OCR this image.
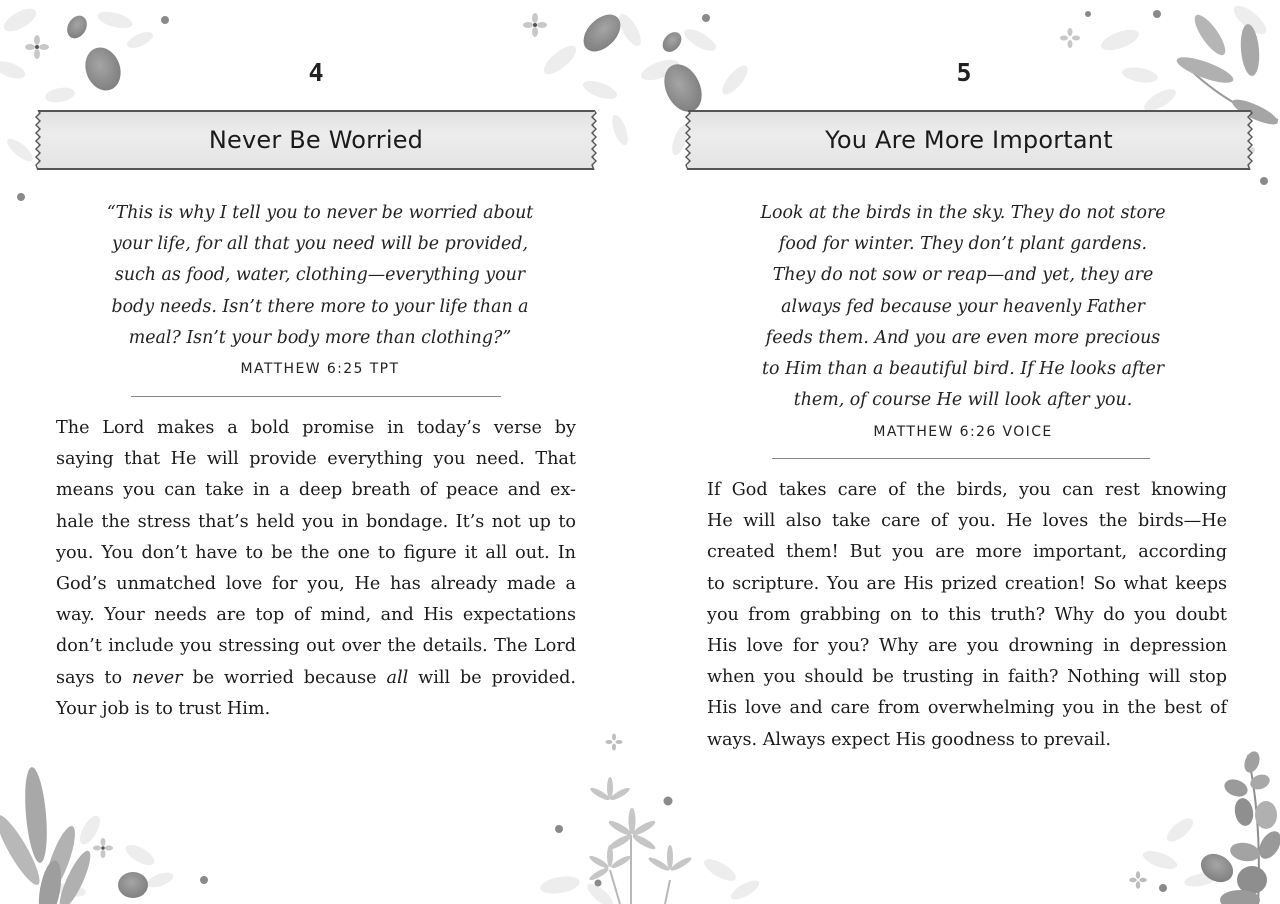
4
Never Be Worried

“This is why I tell you to never be worried about

your life, for all that you need will be provided,

such as food, water, clothing—everything your

body needs. Isn’t there more to your life than a

meal? Isn’t your body more than clothing?”

MATTHEW 6:25 TPT

The Lord makes a bold promise in today’s verse by

saying that He will provide everything you need. That

means you can take in a deep breath of peace and ex-

hale the stress that’s held you in bondage. It’s not up to

you. You don’t have to be the one to figure it all out. In

God’s unmatched love for you, He has already made a

way. Your needs are top of mind, and His expectations

don’t include you stressing out over the details. The Lord

says to never be worried because all will be provided.

Your job is to trust Him.

5
You Are More Important

Look at the birds in the sky. They do not store

food for winter. They don’t plant gardens.

They do not sow or reap—and yet, they are

always fed because your heavenly Father

feeds them. And you are even more precious

to Him than a beautiful bird. If He looks after

them, of course He will look after you.

MATTHEW 6:26 VOICE

If God takes care of the birds, you can rest knowing

He will also take care of you. He loves the birds—He

created them! But you are more important, according

to scripture. You are His prized creation! So what keeps

you from grabbing on to this truth? Why do you doubt

His love for you? Why are you drowning in depression

when you should be trusting in faith? Nothing will stop

His love and care from overwhelming you in the best of

ways. Always expect His goodness to prevail.
